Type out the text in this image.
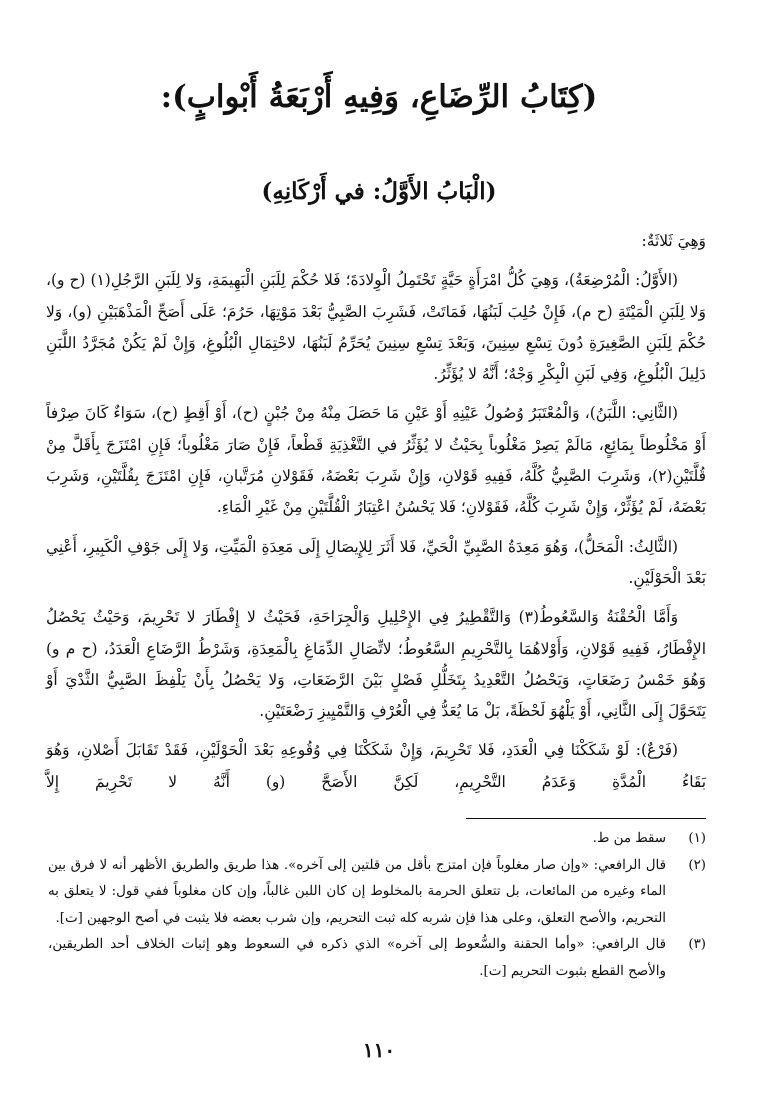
(كِتَابُ الرِّضَاعِ، وَفِيهِ أَرْبَعَةُ أَبْوابٍ):
(الْبَابُ الأَوَّلُ: في أَرْكَانِهِ)

وَهِيَ ثَلاثَةٌ:

(الأَوَّلُ: الْمُرْضِعَةُ)، وَهِيَ كُلُّ امْرَأَةٍ حَيَّةٍ تَحْتَمِلُ الْوِلادَةَ؛ فَلا حُكْمَ لِلَبَنِ الْبَهِيمَةِ، وَلا لِلَبَنِ الرَّجُلِ(١) (ح و)، وَلا لِلَبَنِ الْمَيْتَةِ (ح م)، فَإِنْ حُلِبَ لَبَنُهَا، فَمَاتَتْ، فَشَرِبَ الصَّبِيُّ بَعْدَ مَوْتِهَا، حَرُمَ؛ عَلَى أَصَحِّ الْمَذْهَبَيْنِ (و)، وَلا حُكْمَ لِلَبَنِ الصَّغِيرَةِ دُونَ تِسْعِ سِنِينَ، وَبَعْدَ تِسْعِ سِنِينَ يُحَرِّمُ لَبَنُهَا، لاحْتِمَالِ الْبُلُوغِ، وَإِنْ لَمْ يَكُنْ مُجَرَّدُ اللَّبَنِ دَلِيلَ الْبُلُوغِ، وَفِي لَبَنِ الْبِكْرِ وَجْهٌ؛ أَنَّهُ لا يُؤَثِّرُ.

(الثَّانِي: اللَّبَنُ)، وَالْمُعْتَبَرُ وُصُولُ عَيْنِهِ أَوْ عَيْنِ مَا حَصَلَ مِنْهُ مِنْ جُبْنٍ (ح)، أَوْ أَقِطٍ (ح)، سَوَاءٌ كَانَ صِرْفاً أَوْ مَخْلُوطاً بِمَائِعٍ، مَالَمْ يَصِرْ مَغْلُوباً بِحَيْثُ لا يُؤَثِّرُ في التَّغْذِيَةِ قَطْعاً، فَإِنْ صَارَ مَغْلُوباً؛ فَإِنِ امْتَزَجَ بِأَقَلَّ مِنْ قُلَّتَيْنِ(٢)، وَشَرِبَ الصَّبِيُّ كُلَّهُ، فَفِيهِ قَوْلانِ، وَإِنْ شَرِبَ بَعْضَهُ، فَقَوْلانِ مُرَتَّبانِ، فَإِنِ امْتَزَجَ بِقُلَّتَيْنِ، وَشَرِبَ بَعْضَهُ، لَمْ يُؤَثِّرْ، وَإِنْ شَرِبَ كُلَّهُ، فَقَوْلانِ؛ فَلا يَحْسُنُ اعْتِبَارُ الْقُلَّتَيْنِ مِنْ غَيْرِ الْمَاءِ.

(الثَّالِثُ: الْمَحَلُّ)، وَهُوَ مَعِدَةُ الصَّبِيِّ الْحَيِّ، فَلا أَثَرَ لِلإِيصَالِ إِلَى مَعِدَةِ الْمَيِّتِ، وَلا إِلَى جَوْفِ الْكَبِيرِ، أَعْنِي بَعْدَ الْحَوْلَيْنِ.

وَأَمَّا الْحُقْنَةُ وَالسَّعُوطُ(٣) وَالتَّقْطِيرُ فِي الإِحْلِيلِ وَالْجِرَاحَةِ، فَحَيْثُ لا إِفْطَارَ لا تَحْرِيمَ، وَحَيْثُ يَحْصُلُ الإِفْطَارُ، فَفِيهِ قَوْلانِ، وَأَوْلاهُمَا بِالتَّحْرِيمِ السَّعُوطُ؛ لاتِّصَالِ الدِّمَاغِ بِالْمَعِدَةِ، وَشَرْطُ الرَّضَاعِ الْعَدَدُ، (ح م و) وَهُوَ خَمْسُ رَضَعَاتٍ، وَيَحْصُلُ التَّعْدِيدُ بِتَخَلُّلِ فَصْلٍ بَيْنَ الرَّضَعَاتِ، وَلا يَحْصُلُ بِأَنْ يَلْفِظَ الصَّبِيُّ الثَّدْيَ أَوْ يَتَحَوَّلَ إِلَى الثَّانِي، أَوْ يَلْهُوَ لَحْظَةً، بَلْ مَا يُعَدُّ فِي الْعُرْفِ وَالتَّمْيِيزِ رَضْعَتَيْنِ.

(فَرْعٌ): لَوْ شَكَكْنَا فِي الْعَدَدِ، فَلا تَحْرِيمَ، وَإِنْ شَكَكْنَا فِي وُقُوعِهِ بَعْدَ الْحَوْلَيْنِ، فَقَدْ تَقَابَلَ أَصْلانِ، وَهُوَ بَقَاءُ الْمُدَّةِ وَعَدَمُ التَّحْرِيمِ، لَكِنَّ الأَصَحَّ (و) أَنَّهُ لا تَحْرِيمَ إِلاَّ

(١)
سقط من ط.
(٢)
قال الرافعي: «وإن صار مغلوباً فإن امتزج بأقل من قلتين إلى آخره». هذا طريق والطريق الأظهر أنه لا فرق بين الماء وغيره من المائعات، بل تتعلق الحرمة بالمخلوط إن كان اللبن غالباً، وإن كان مغلوباً ففي قول: لا يتعلق به التحريم، والأصح التعلق، وعلى هذا فإن شربه كله ثبت التحريم، وإن شرب بعضه فلا يثبت في أصح الوجهين [ت].
(٣)
قال الرافعي: «وأما الحقنة والسُّعوط إلى آخره» الذي ذكره في السعوط وهو إثبات الخلاف أحد الطريقين، والأصح القطع بثبوت التحريم [ت].
١١٠
